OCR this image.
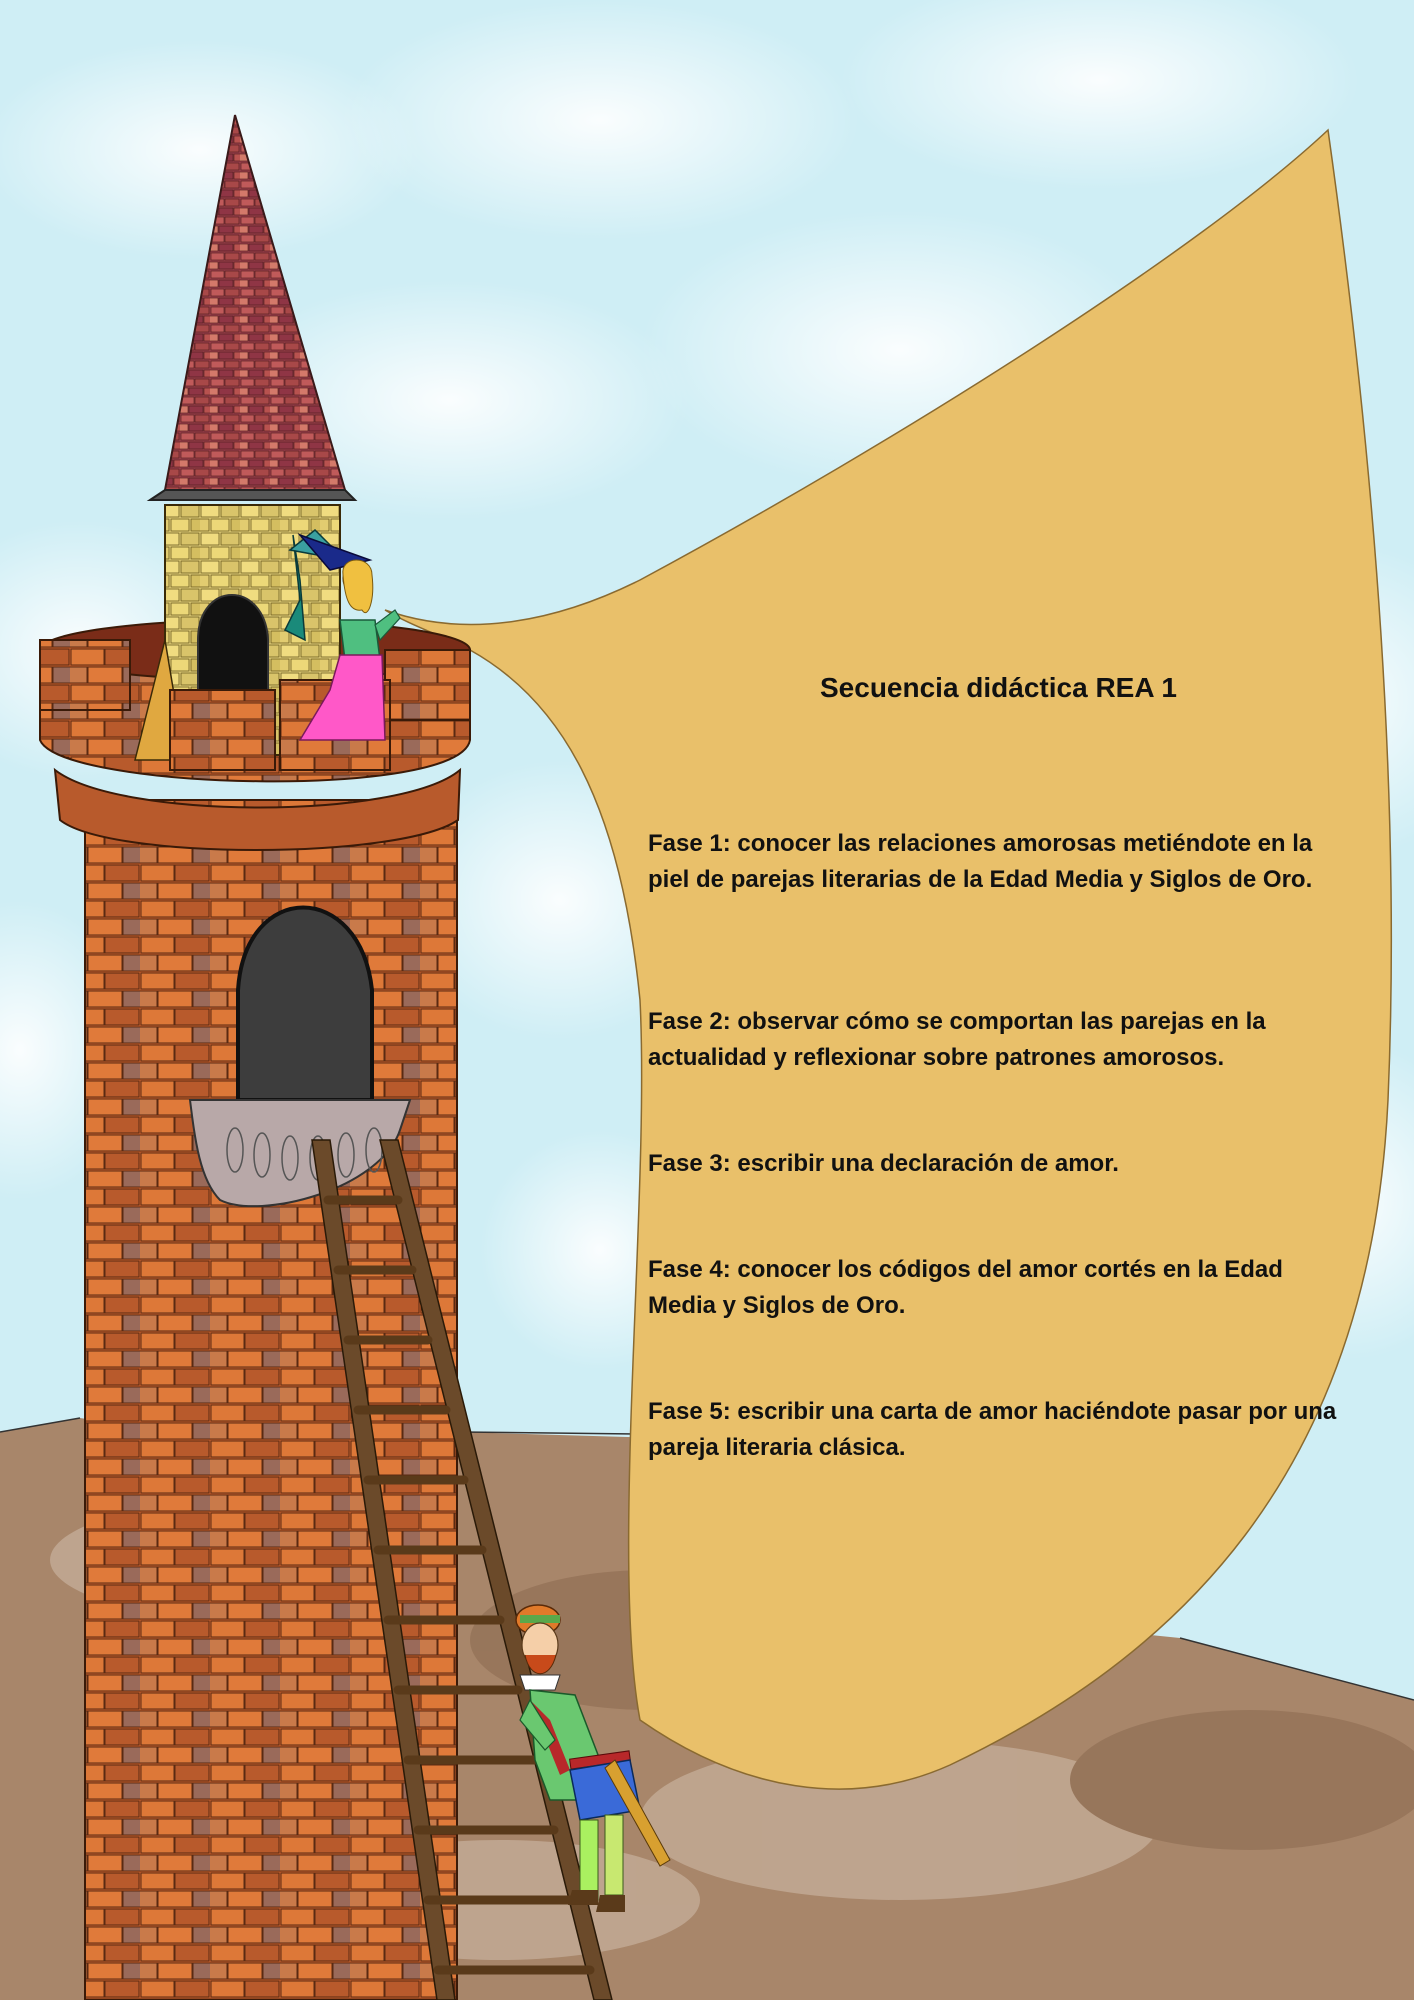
Secuencia didáctica REA 1
Fase 1: conocer las relaciones amorosas metiéndote en la piel de parejas literarias de la Edad Media y Siglos de Oro.
Fase 2: observar cómo se comportan las parejas en la actualidad y reflexionar sobre patrones amorosos.
Fase 3: escribir una declaración de amor.
Fase 4: conocer los códigos del amor cortés en la Edad Media y Siglos de Oro.
Fase 5: escribir una carta de amor haciéndote pasar por una pareja literaria clásica.
